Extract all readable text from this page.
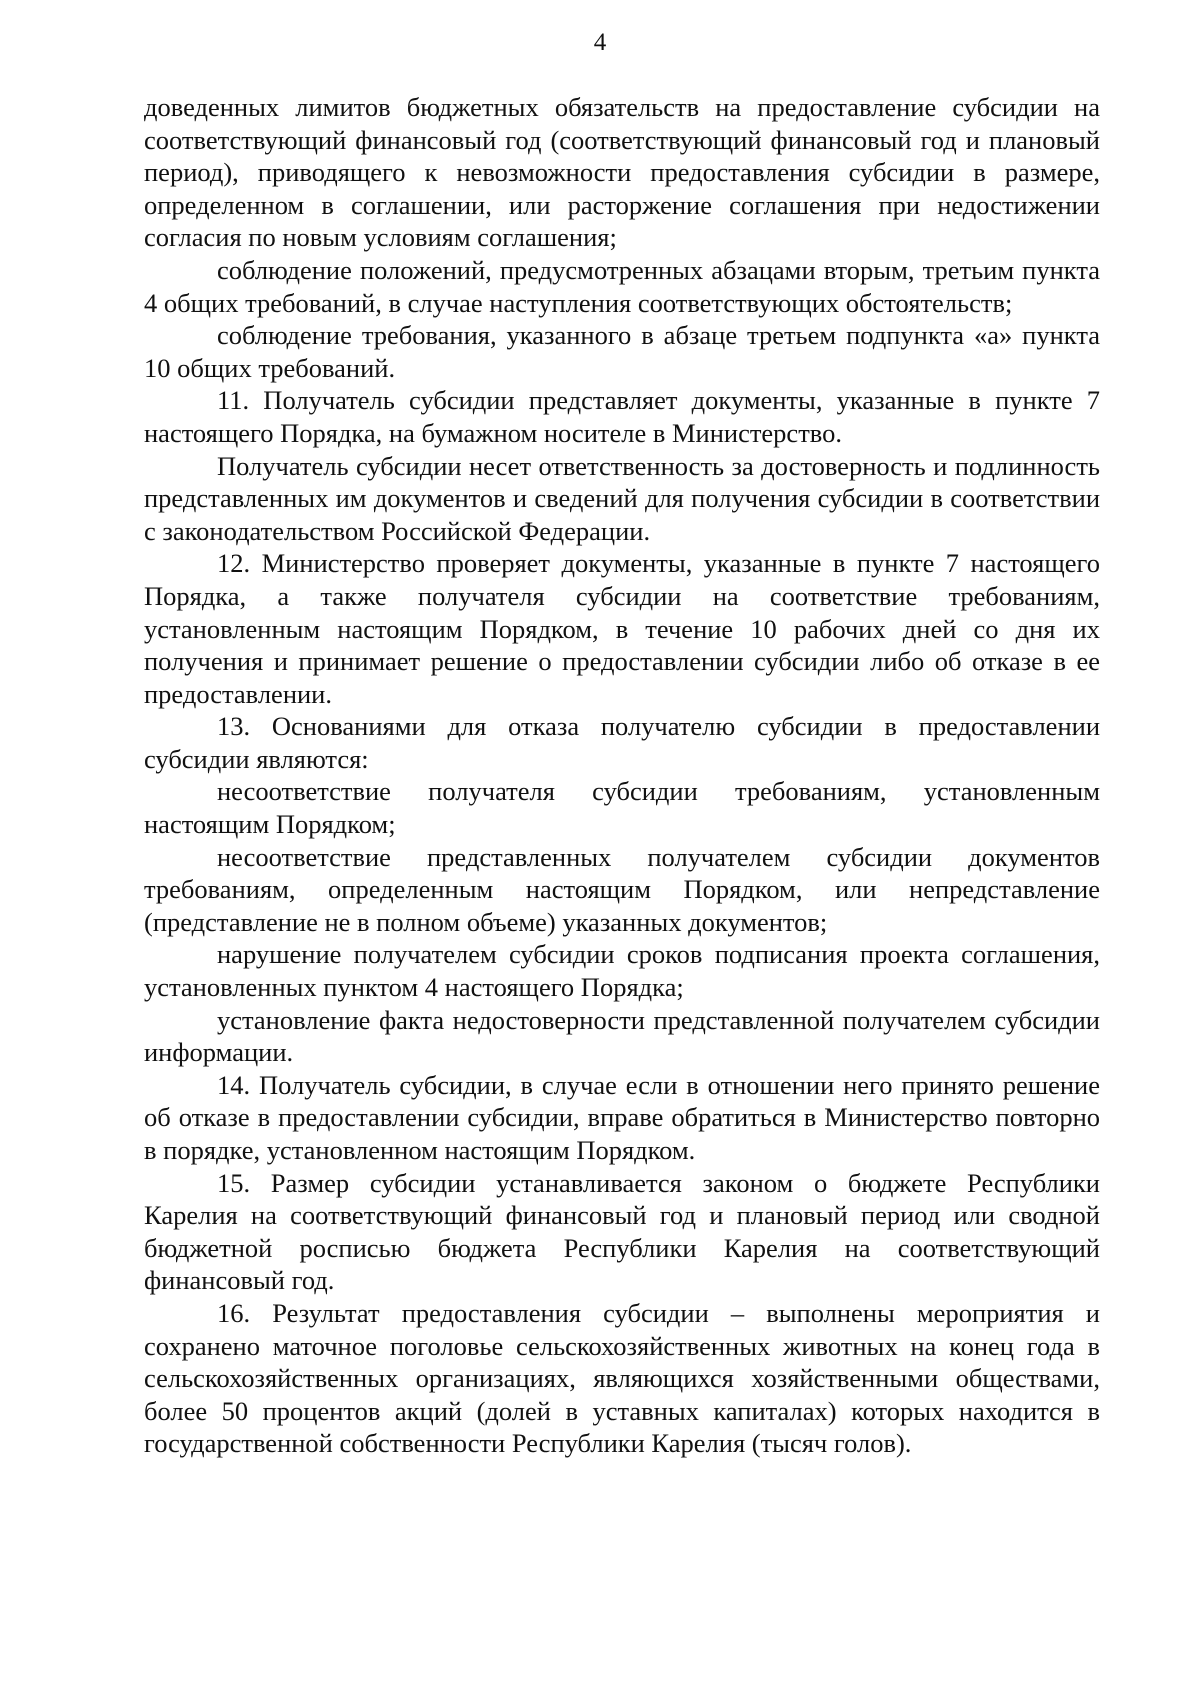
4

доведенных лимитов бюджетных обязательств на предоставление субсидии на соответствующий финансовый год (соответствующий финансовый год и плановый период), приводящего к невозможности предоставления субсидии в размере, определенном в соглашении, или расторжение соглашения при недостижении согласия по новым условиям соглашения;

соблюдение положений, предусмотренных абзацами вторым, третьим пункта 4 общих требований, в случае наступления соответствующих обстоятельств;

соблюдение требования, указанного в абзаце третьем подпункта «а» пункта 10 общих требований.

11. Получатель субсидии представляет документы, указанные в пункте 7 настоящего Порядка, на бумажном носителе в Министерство.

Получатель субсидии несет ответственность за достоверность и подлинность представленных им документов и сведений для получения субсидии в соответствии с законодательством Российской Федерации.

12. Министерство проверяет документы, указанные в пункте 7 настоящего Порядка, а также получателя субсидии на соответствие требованиям, установленным настоящим Порядком, в течение 10 рабочих дней со дня их получения и принимает решение о предоставлении субсидии либо об отказе в ее предоставлении.

13. Основаниями для отказа получателю субсидии в предоставлении субсидии являются:

несоответствие получателя субсидии требованиям, установленным настоящим Порядком;

несоответствие представленных получателем субсидии документов требованиям, определенным настоящим Порядком, или непредставление (представление не в полном объеме) указанных документов;

нарушение получателем субсидии сроков подписания проекта соглашения, установленных пунктом 4 настоящего Порядка;

установление факта недостоверности представленной получателем субсидии информации.

14. Получатель субсидии, в случае если в отношении него принято решение об отказе в предоставлении субсидии, вправе обратиться в Министерство повторно в порядке, установленном настоящим Порядком.

15. Размер субсидии устанавливается законом о бюджете Республики Карелия на соответствующий финансовый год и плановый период или сводной бюджетной росписью бюджета Республики Карелия на соответствующий финансовый год.

16. Результат предоставления субсидии – выполнены мероприятия и сохранено маточное поголовье сельскохозяйственных животных на конец года в сельскохозяйственных организациях, являющихся хозяйственными обществами, более 50 процентов акций (долей в уставных капиталах) которых находится в государственной собственности Республики Карелия (тысяч голов).
